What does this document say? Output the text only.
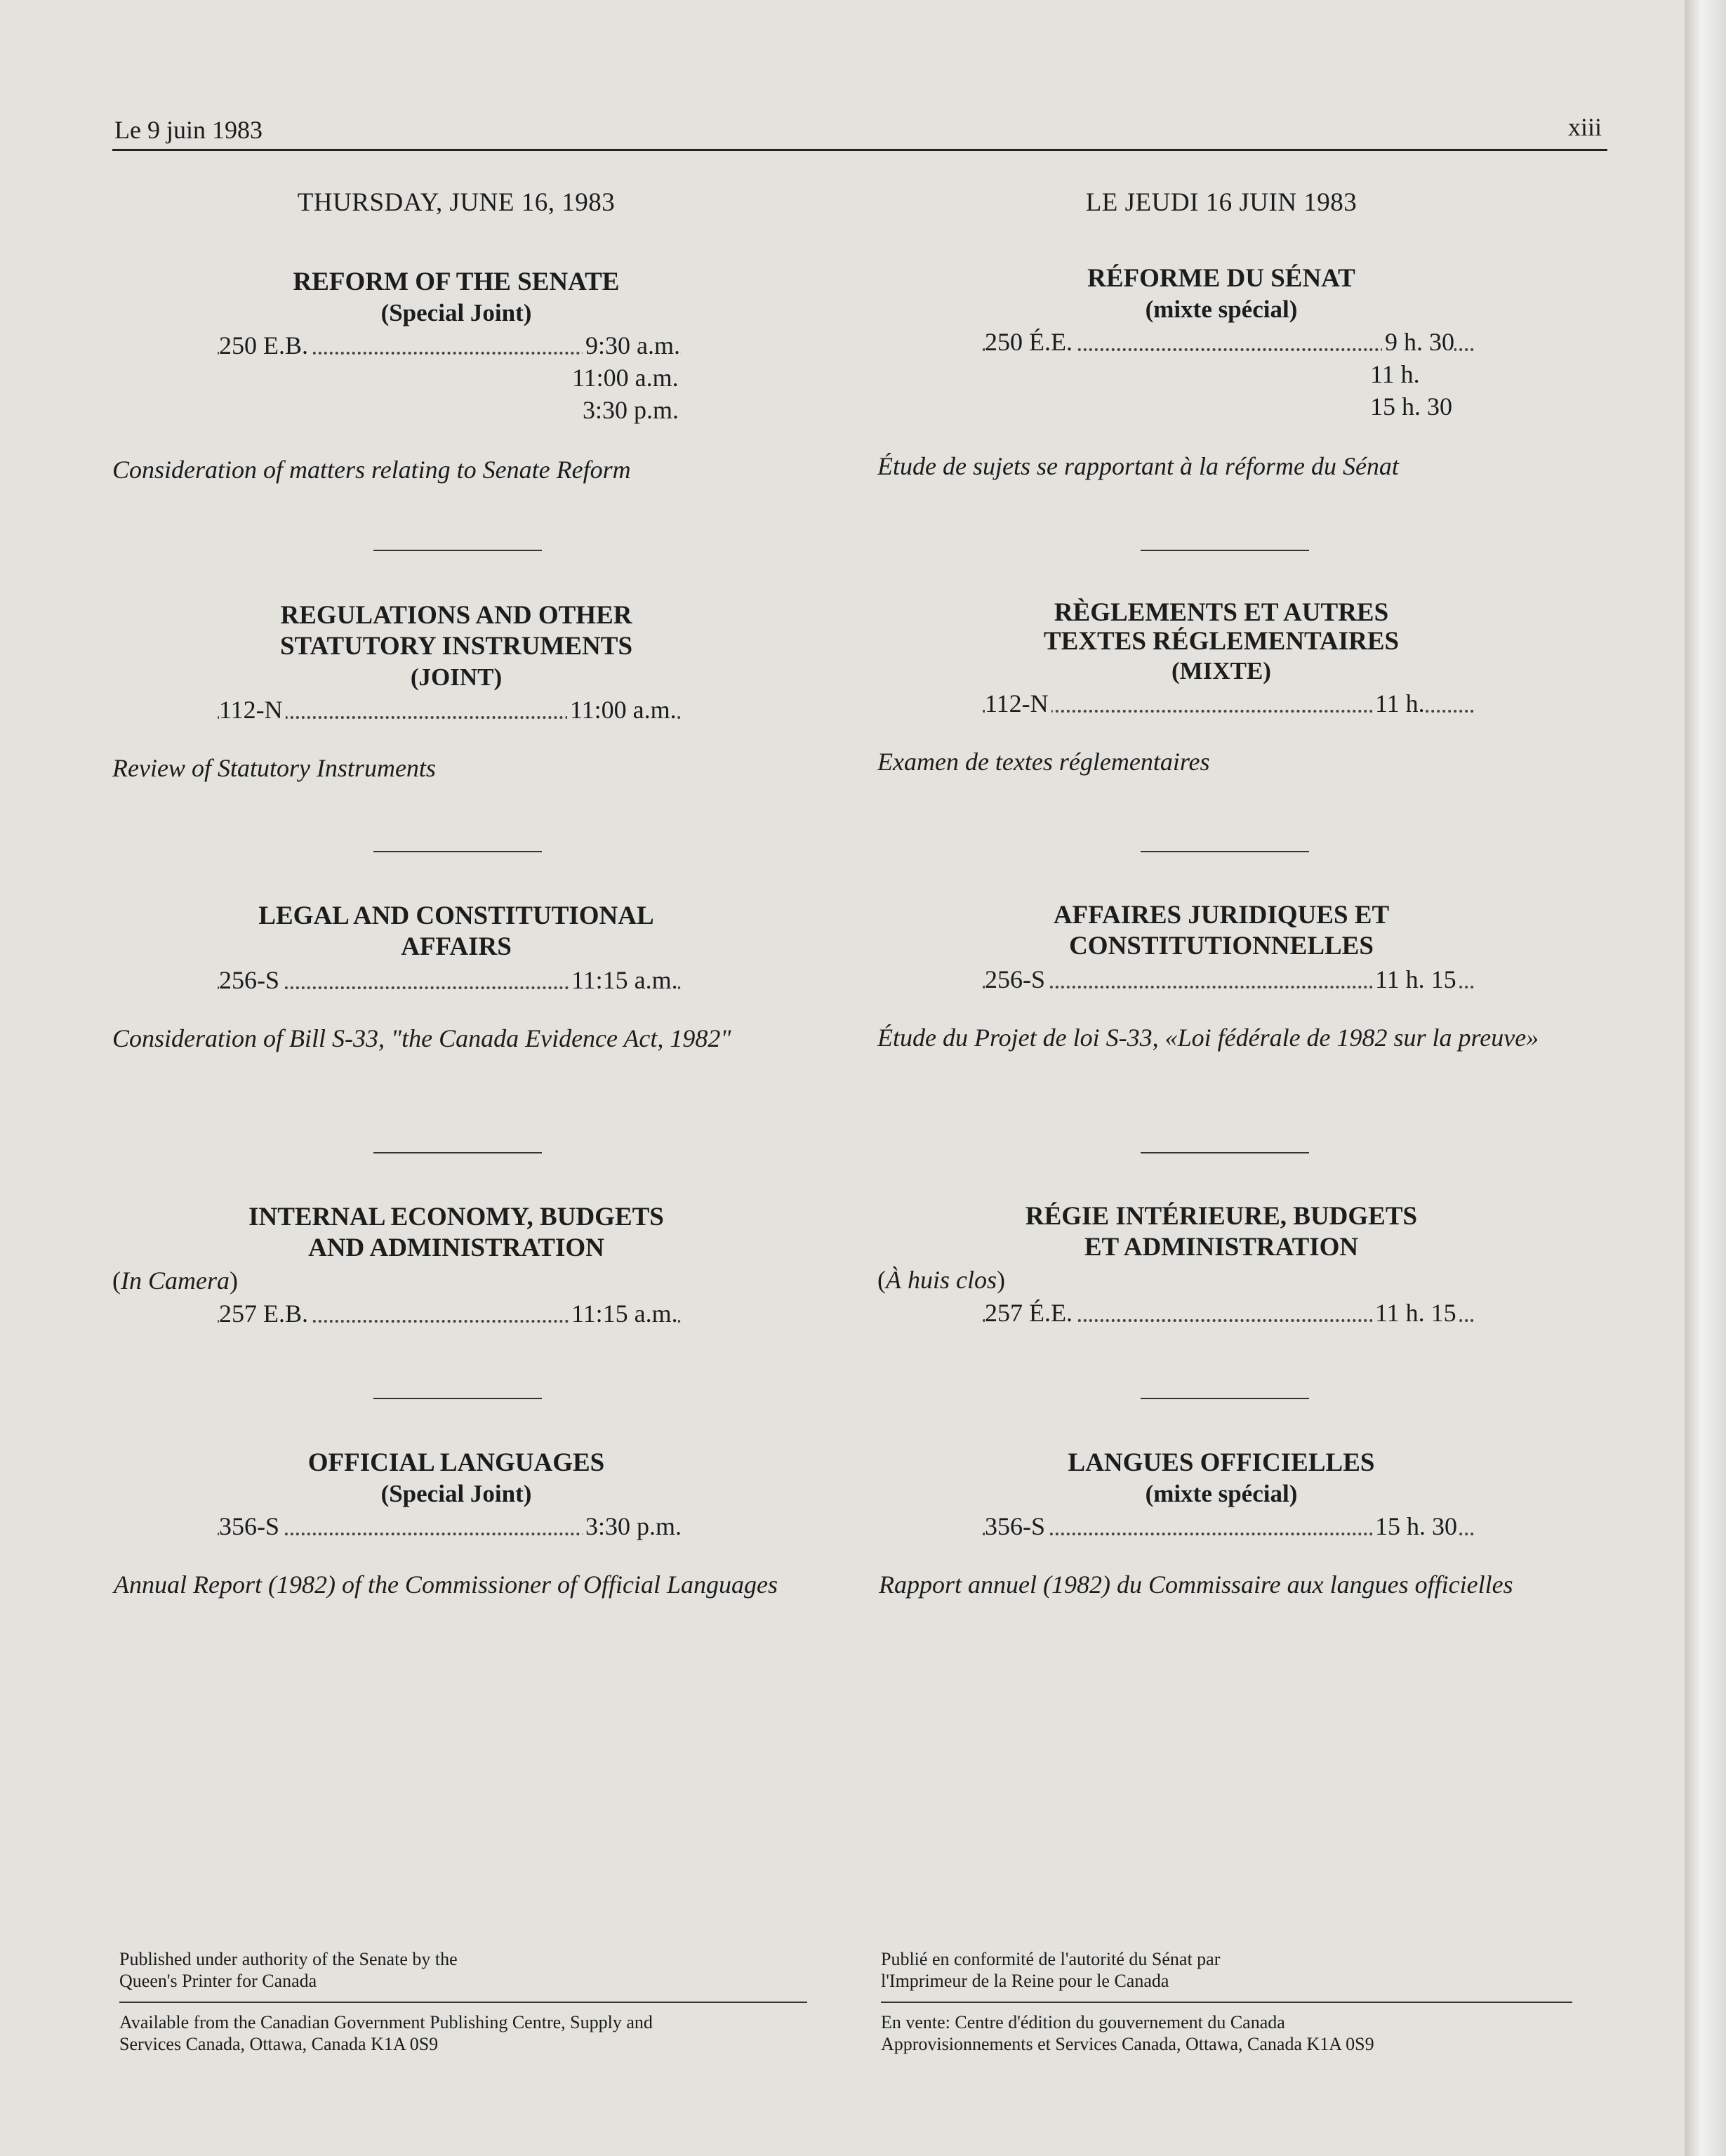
Le 9 juin 1983	xiii
THURSDAY, JUNE 16, 1983
REFORM OF THE SENATE
(Special Joint)
250 E.B.	9:30 a.m.
11:00 a.m.
3:30 p.m.
Consideration of matters relating to Senate Reform
REGULATIONS AND OTHER
STATUTORY INSTRUMENTS
(JOINT)
112-N	11:00 a.m.
Review of Statutory Instruments
LEGAL AND CONSTITUTIONAL
AFFAIRS
256-S	11:15 a.m.
Consideration of Bill S-33, "the Canada Evidence Act, 1982"
INTERNAL ECONOMY, BUDGETS
AND ADMINISTRATION
(In Camera)
257 E.B.	11:15 a.m.
OFFICIAL LANGUAGES
(Special Joint)
356-S	3:30 p.m.
Annual Report (1982) of the Commissioner of Official Languages
LE JEUDI 16 JUIN 1983
RÉFORME DU SÉNAT
(mixte spécial)
250 É.E.	9 h. 30
11 h.
15 h. 30
Étude de sujets se rapportant à la réforme du Sénat
RÈGLEMENTS ET AUTRES
TEXTES RÉGLEMENTAIRES
(MIXTE)
112-N	11 h.
Examen de textes réglementaires
AFFAIRES JURIDIQUES ET
CONSTITUTIONNELLES
256-S	11 h. 15
Étude du Projet de loi S-33, «Loi fédérale de 1982 sur la preuve»
RÉGIE INTÉRIEURE, BUDGETS
ET ADMINISTRATION
(À huis clos)
257 É.E.	11 h. 15
LANGUES OFFICIELLES
(mixte spécial)
356-S	15 h. 30
Rapport annuel (1982) du Commissaire aux langues officielles
Published under authority of the Senate by the
Queen's Printer for Canada
Available from the Canadian Government Publishing Centre, Supply and
Services Canada, Ottawa, Canada K1A 0S9
Publié en conformité de l'autorité du Sénat par
l'Imprimeur de la Reine pour le Canada
En vente: Centre d'édition du gouvernement du Canada
Approvisionnements et Services Canada, Ottawa, Canada K1A 0S9
